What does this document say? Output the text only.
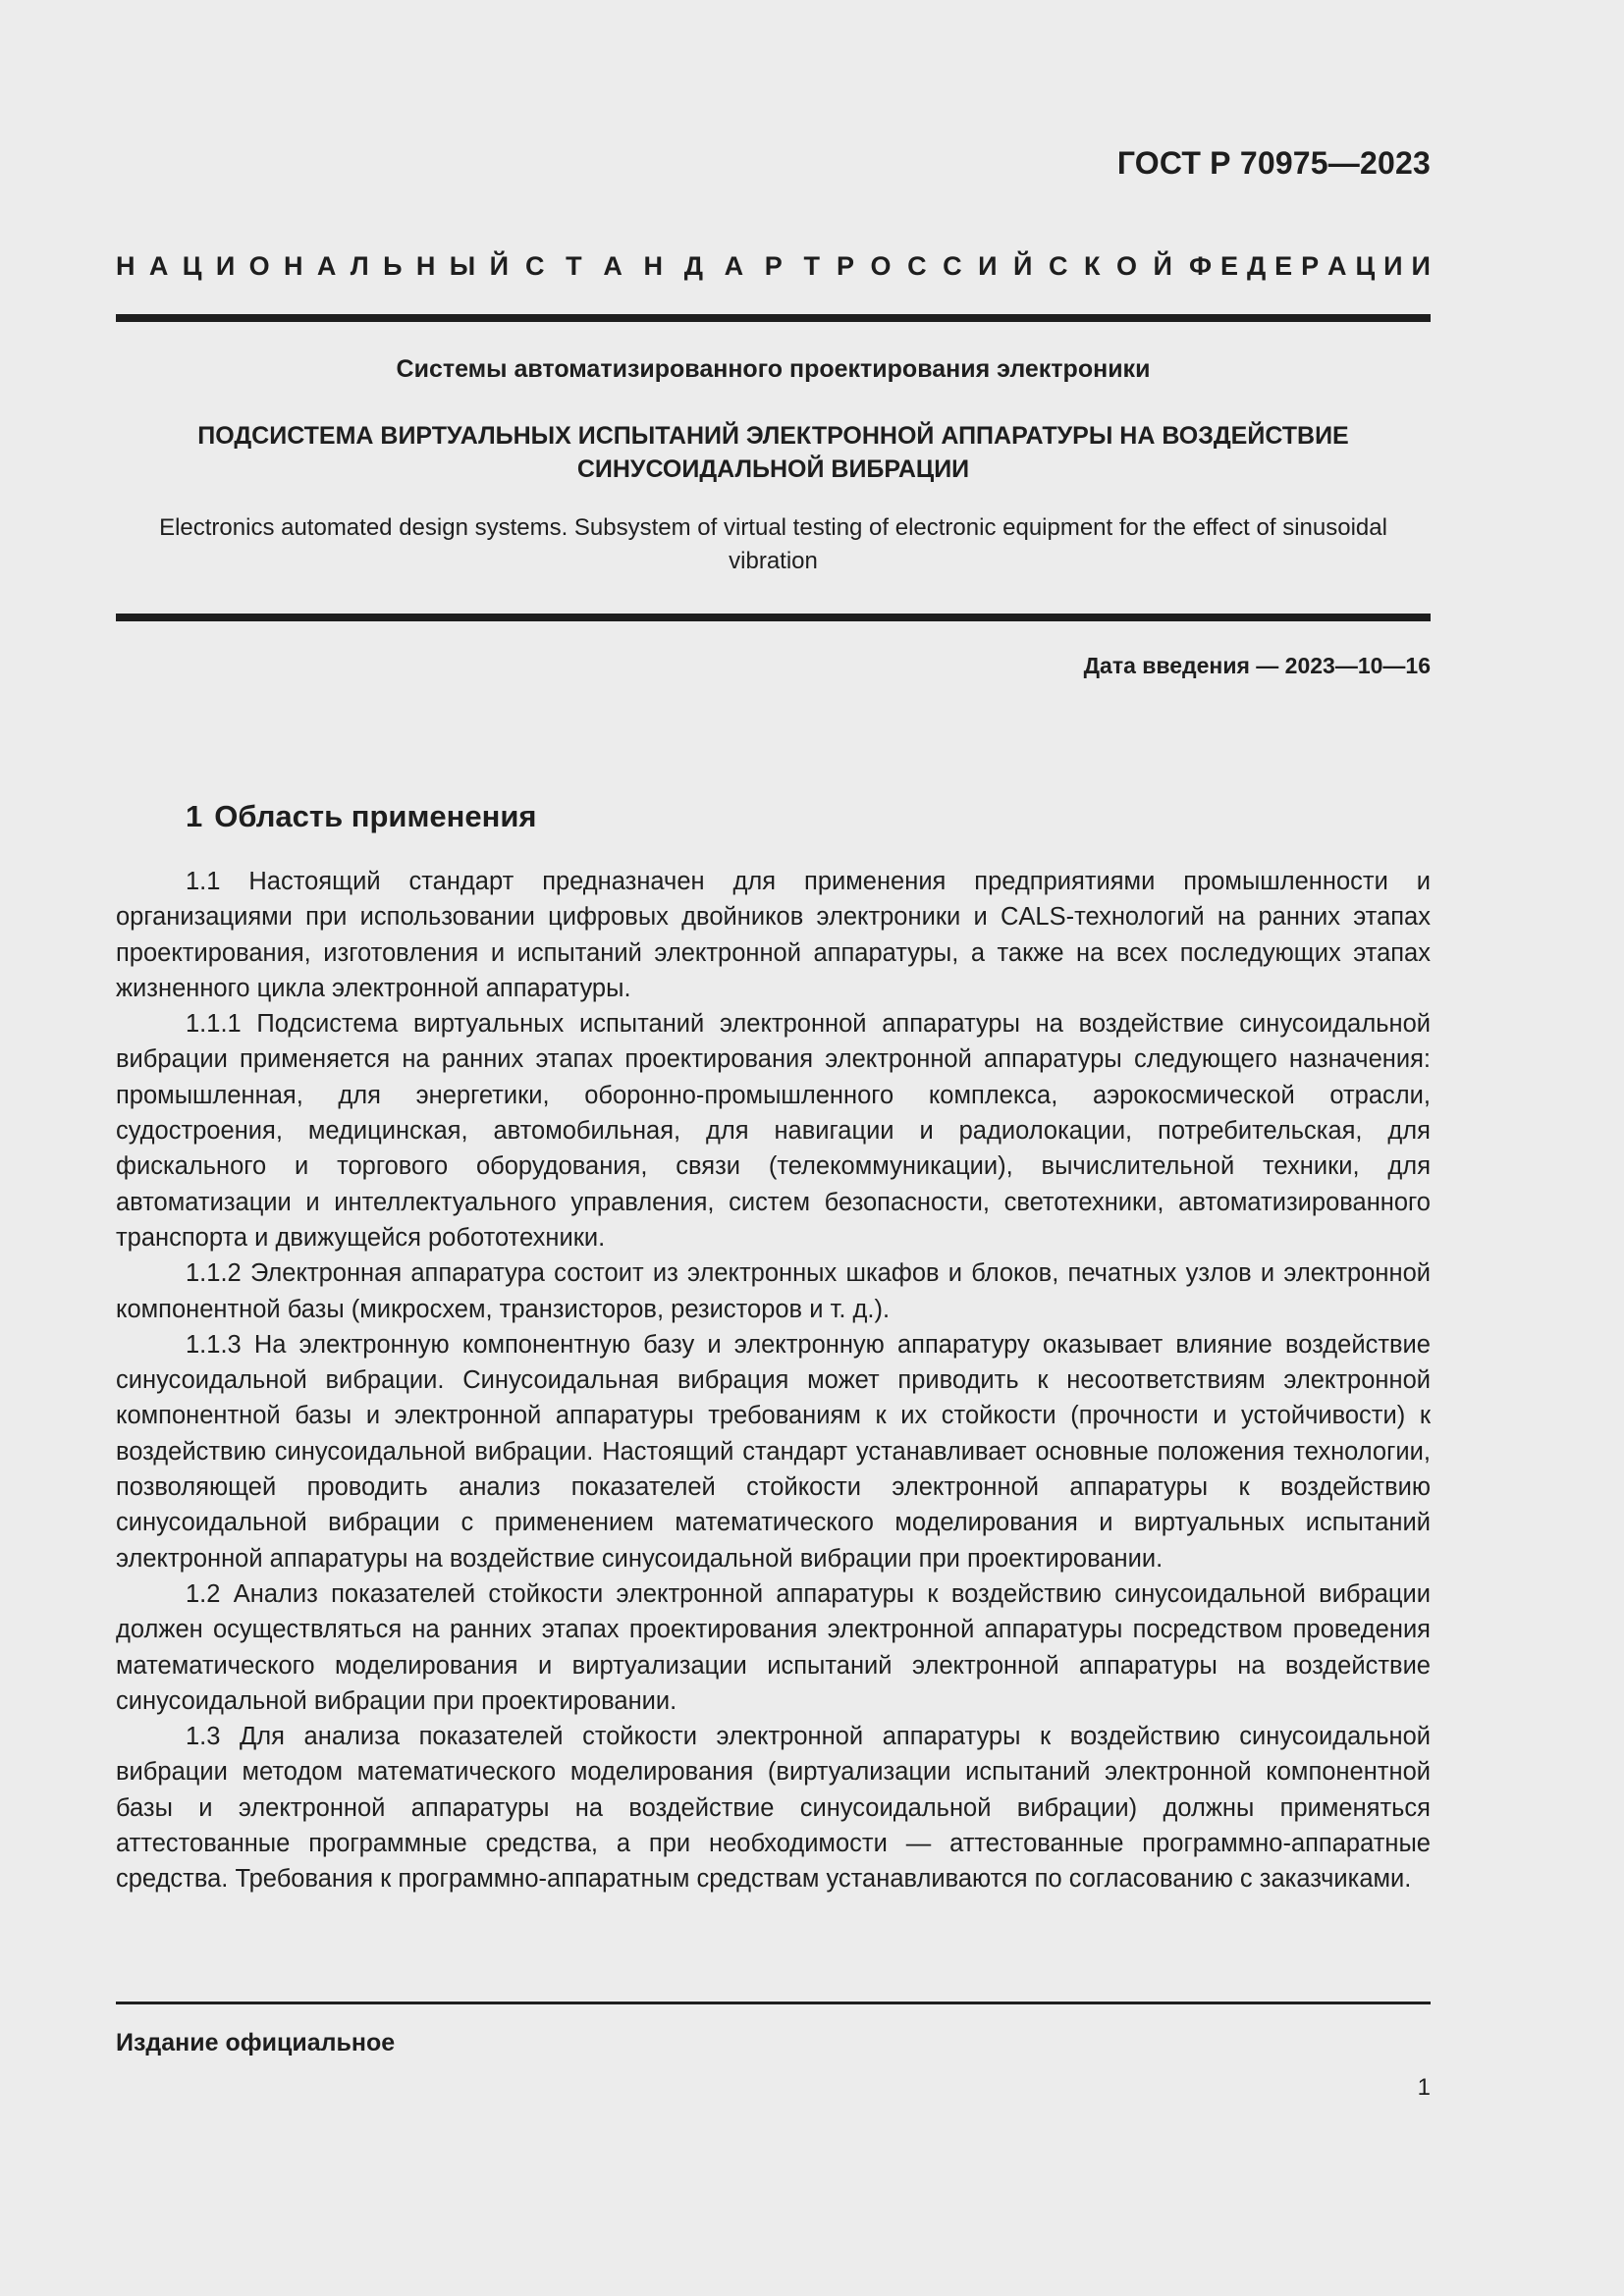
ГОСТ Р 70975—2023
Н А Ц И О Н А Л Ь Н Ы Й С Т А Н Д А Р Т Р О С С И Й С К О Й Ф Е Д Е Р А Ц И И
Системы автоматизированного проектирования электроники
ПОДСИСТЕМА ВИРТУАЛЬНЫХ ИСПЫТАНИЙ ЭЛЕКТРОННОЙ АППАРАТУРЫ НА ВОЗДЕЙСТВИЕ
СИНУСОИДАЛЬНОЙ ВИБРАЦИИ
Electronics automated design systems. Subsystem of virtual testing of electronic equipment for the effect of sinusoidal
vibration
Дата введения — 2023—10—16
1 Область применения

1.1 Настоящий стандарт предназначен для применения предприятиями промышленности и организациями при использовании цифровых двойников электроники и CALS-технологий на ранних этапах проектирования, изготовления и испытаний электронной аппаратуры, а также на всех последующих этапах жизненного цикла электронной аппаратуры.

1.1.1 Подсистема виртуальных испытаний электронной аппаратуры на воздействие синусоидальной вибрации применяется на ранних этапах проектирования электронной аппаратуры следующего назначения: промышленная, для энергетики, оборонно-промышленного комплекса, аэрокосмической отрасли, судостроения, медицинская, автомобильная, для навигации и радиолокации, потребительская, для фискального и торгового оборудования, связи (телекоммуникации), вычислительной техники, для автоматизации и интеллектуального управления, систем безопасности, светотехники, автоматизированного транспорта и движущейся робототехники.

1.1.2 Электронная аппаратура состоит из электронных шкафов и блоков, печатных узлов и электронной компонентной базы (микросхем, транзисторов, резисторов и т. д.).

1.1.3 На электронную компонентную базу и электронную аппаратуру оказывает влияние воздействие синусоидальной вибрации. Синусоидальная вибрация может приводить к несоответствиям электронной компонентной базы и электронной аппаратуры требованиям к их стойкости (прочности и устойчивости) к воздействию синусоидальной вибрации. Настоящий стандарт устанавливает основные положения технологии, позволяющей проводить анализ показателей стойкости электронной аппаратуры к воздействию синусоидальной вибрации с применением математического моделирования и виртуальных испытаний электронной аппаратуры на воздействие синусоидальной вибрации при проектировании.

1.2 Анализ показателей стойкости электронной аппаратуры к воздействию синусоидальной вибрации должен осуществляться на ранних этапах проектирования электронной аппаратуры посредством проведения математического моделирования и виртуализации испытаний электронной аппаратуры на воздействие синусоидальной вибрации при проектировании.

1.3 Для анализа показателей стойкости электронной аппаратуры к воздействию синусоидальной вибрации методом математического моделирования (виртуализации испытаний электронной компонентной базы и электронной аппаратуры на воздействие синусоидальной вибрации) должны применяться аттестованные программные средства, а при необходимости — аттестованные программно-аппаратные средства. Требования к программно-аппаратным средствам устанавливаются по согласованию с заказчиками.

Издание официальное
1
